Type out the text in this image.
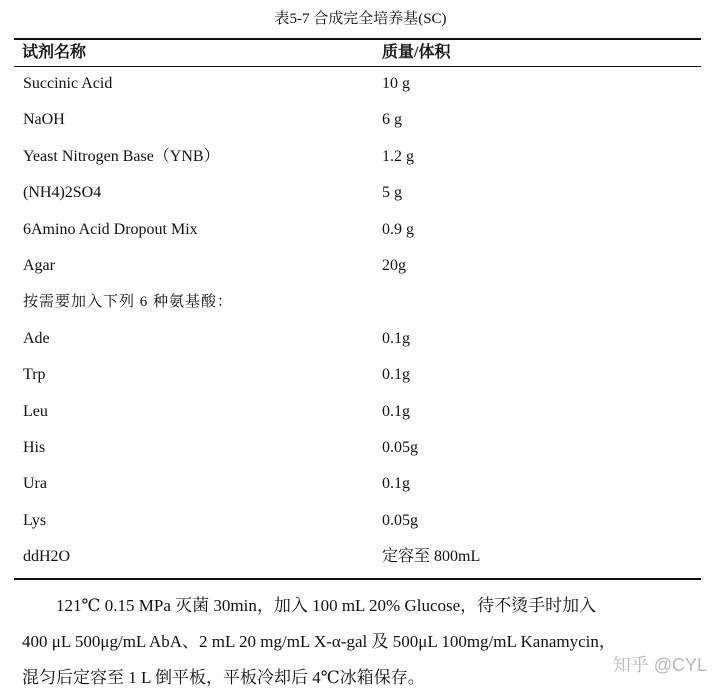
表5-7 合成完全培养基(SC)
试剂名称	质量/体积
Succinic Acid	10 g
NaOH	6 g
Yeast Nitrogen Base（YNB）	1.2 g
(NH4)2SO4	5 g
6Amino Acid Dropout Mix	0.9 g
Agar	20g
按需要加入下列 6 种氨基酸：
Ade	0.1g
Trp	0.1g
Leu	0.1g
His	0.05g
Ura	0.1g
Lys	0.05g
ddH2O	定容至 800mL

121℃ 0.15 MPa 灭菌 30min，加入 100 mL 20% Glucose，待不烫手时加入

400 μL 500μg/mL AbA、2 mL 20 mg/mL X-α-gal 及 500μL 100mg/mL Kanamycin，

混匀后定容至 1 L 倒平板，平板冷却后 4℃冰箱保存。

知乎 @CYL
